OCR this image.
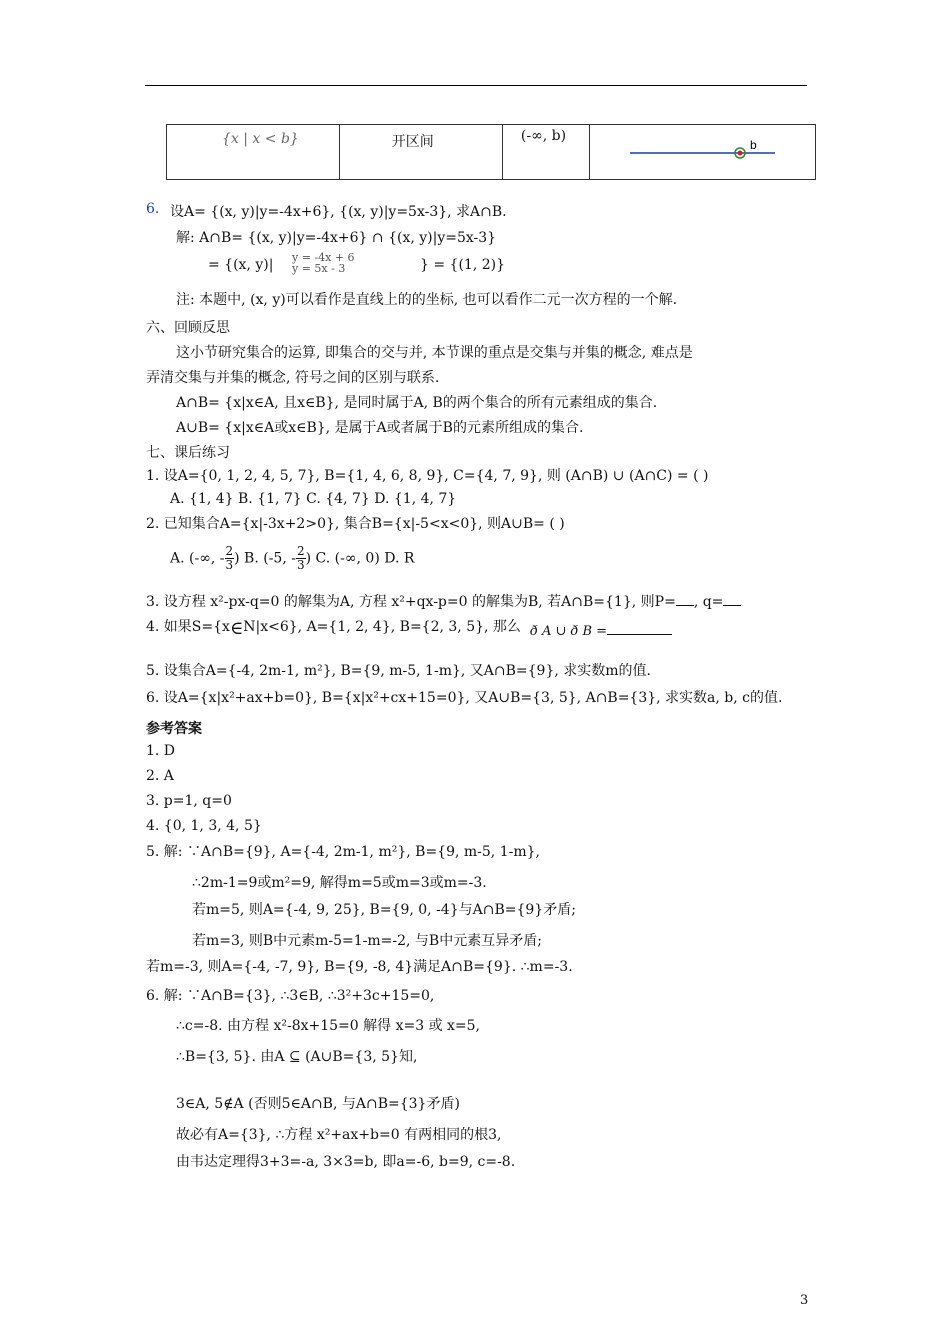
{x | x < b}	开区间	(-∞, b)	
b
6. 设A= {(x, y)|y=-4x+6}, {(x, y)|y=5x-3}, 求A∩B.
解: A∩B= {(x, y)|y=-4x+6} ∩ {(x, y)|y=5x-3}
= {(x, y)| y = -4x + 6
y = 5x - 3	} = {(1, 2)}
注: 本题中, (x, y)可以看作是直线上的的坐标, 也可以看作二元一次方程的一个解.
六、回顾反思
这小节研究集合的运算, 即集合的交与并, 本节课的重点是交集与并集的概念, 难点是
弄清交集与并集的概念, 符号之间的区别与联系.
A∩B= {x|x∈A, 且x∈B}, 是同时属于A, B的两个集合的所有元素组成的集合.
A∪B= {x|x∈A或x∈B}, 是属于A或者属于B的元素所组成的集合.
七、课后练习
1. 设A={0, 1, 2, 4, 5, 7}, B={1, 4, 6, 8, 9}, C={4, 7, 9}, 则 (A∩B) ∪ (A∩C) = ( )
A. {1, 4} B. {1, 7} C. {4, 7} D. {1, 4, 7}
2. 已知集合A={x|-3x+2>0}, 集合B={x|-5<x<0}, 则A∪B= ( )
A. (-∞, - $\frac{2}{3}$ ) B. (-5, - $\frac{2}{3}$ ) C. (-∞, 0) D. R
3. 设方程 x²-px-q=0 的解集为A, 方程 x²+qx-p=0 的解集为B, 若A∩B={1}, 则P= , q=
4. 如果S={x∈N|x<6}, A={1, 2, 4}, B={2, 3, 5}, 那么 ð A ∪ ð B =
5. 设集合A={-4, 2m-1, m²}, B={9, m-5, 1-m}, 又A∩B={9}, 求实数m的值.
6. 设A={x|x²+ax+b=0}, B={x|x²+cx+15=0}, 又A∪B={3, 5}, A∩B={3}, 求实数a, b, c的值.
参考答案
1. D
2. A
3. p=1, q=0
4. {0, 1, 3, 4, 5}
5. 解: ∵A∩B={9}, A={-4, 2m-1, m²}, B={9, m-5, 1-m},
∴2m-1=9或m²=9, 解得m=5或m=3或m=-3.
若m=5, 则A={-4, 9, 25}, B={9, 0, -4}与A∩B={9}矛盾;
若m=3, 则B中元素m-5=1-m=-2, 与B中元素互异矛盾;
若m=-3, 则A={-4, -7, 9}, B={9, -8, 4}满足A∩B={9}. ∴m=-3.
6. 解: ∵A∩B={3}, ∴3∈B, ∴3²+3c+15=0,
∴c=-8. 由方程 x²-8x+15=0 解得 x=3 或 x=5,
∴B={3, 5}. 由A ⊆ (A∪B={3, 5}知,
3∈A, 5∉A (否则5∈A∩B, 与A∩B={3}矛盾)
故必有A={3}, ∴方程 x²+ax+b=0 有两相同的根3,
由韦达定理得3+3=-a, 3×3=b, 即a=-6, b=9, c=-8.
3
